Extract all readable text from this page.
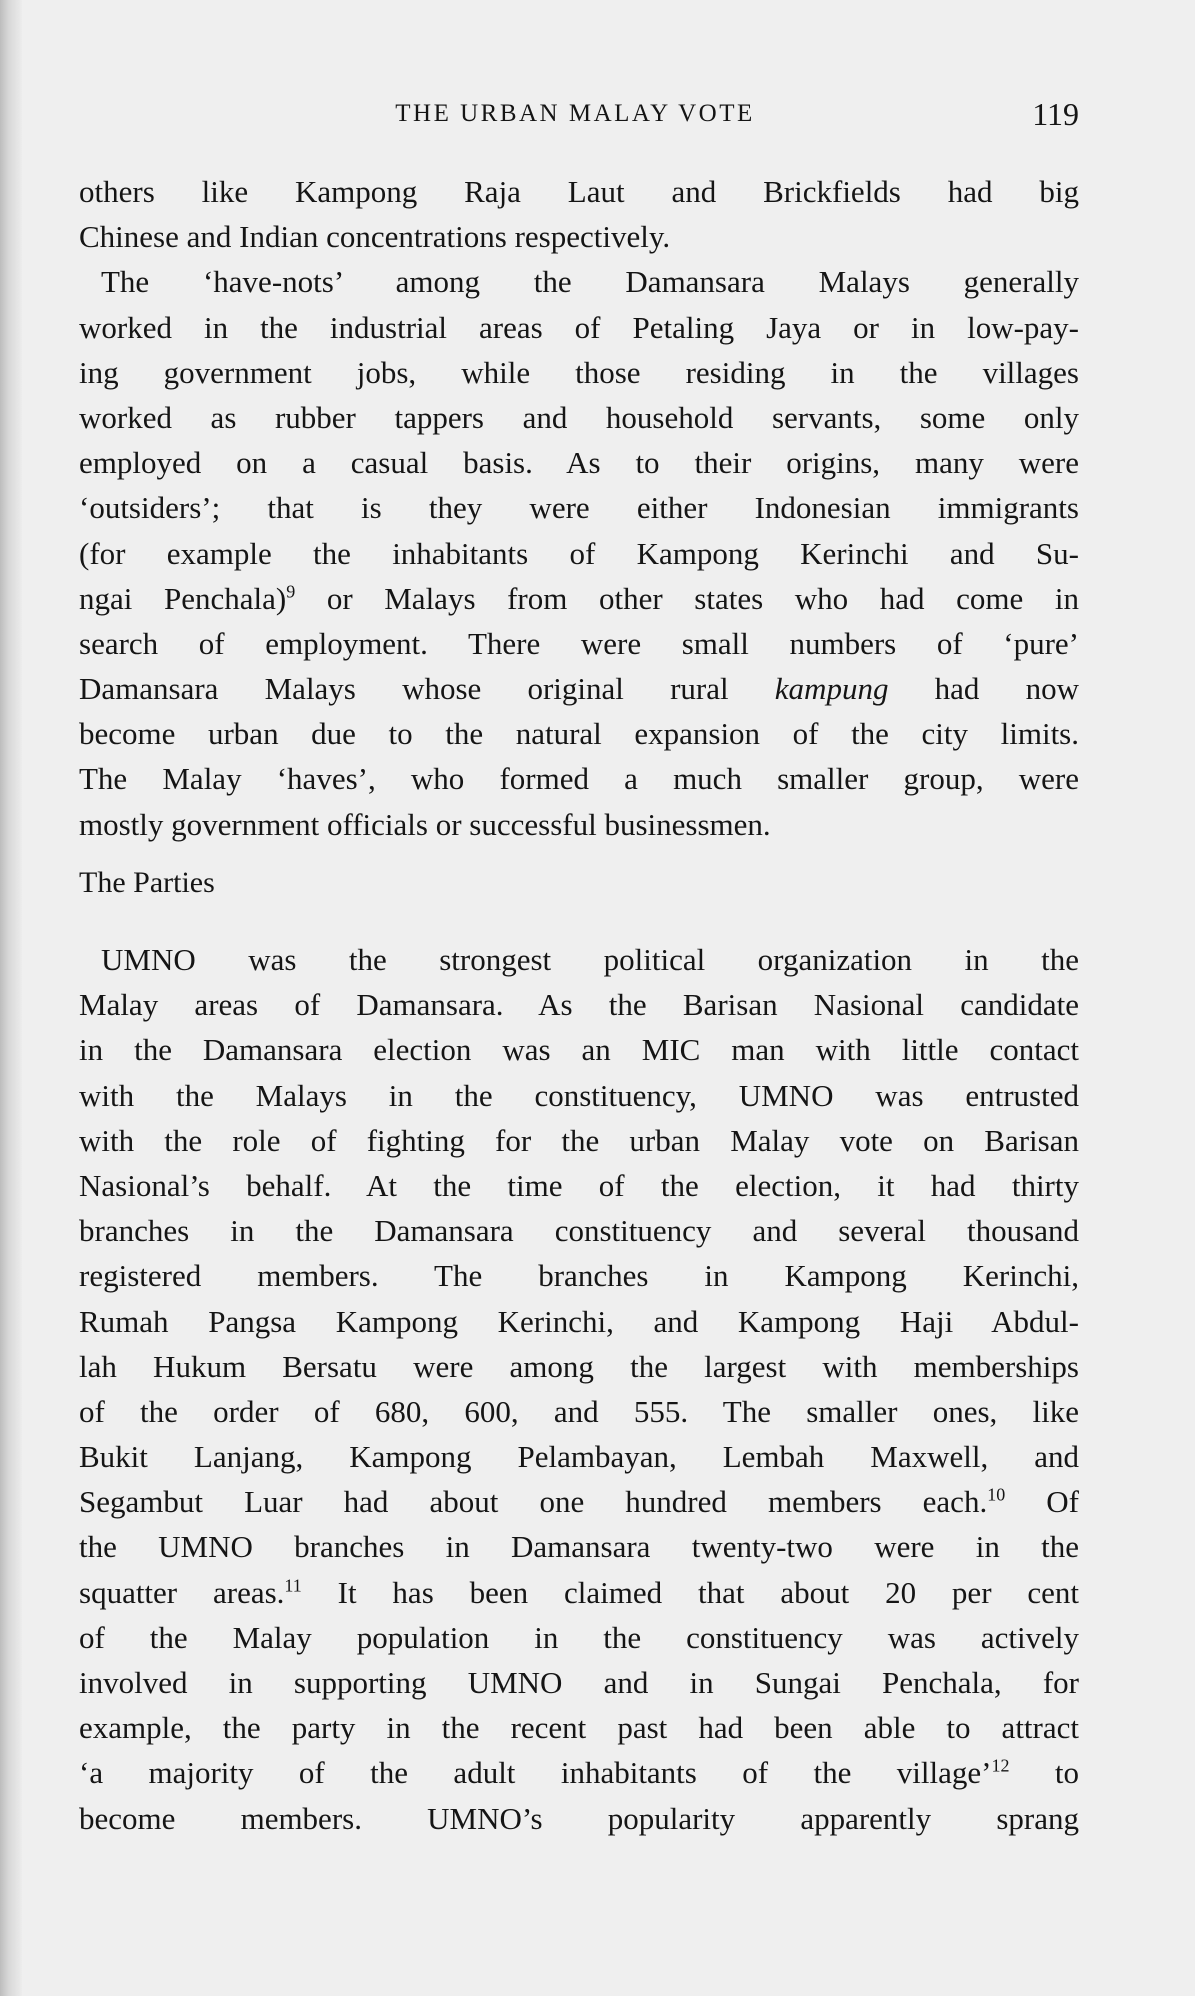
THE URBAN MALAY VOTE	119
others like Kampong Raja Laut and Brickfields had big
Chinese and Indian concentrations respectively.
The ‘have-nots’ among the Damansara Malays generally
worked in the industrial areas of Petaling Jaya or in low-pay-
ing government jobs, while those residing in the villages
worked as rubber tappers and household servants, some only
employed on a casual basis. As to their origins, many were
‘outsiders’; that is they were either Indonesian immigrants
(for example the inhabitants of Kampong Kerinchi and Su-
ngai Penchala)$^9$ or Malays from other states who had come in
search of employment. There were small numbers of ‘pure’
Damansara Malays whose original rural kampung had now
become urban due to the natural expansion of the city limits.
The Malay ‘haves’, who formed a much smaller group, were
mostly government officials or successful businessmen.
The Parties
UMNO was the strongest political organization in the
Malay areas of Damansara. As the Barisan Nasional candidate
in the Damansara election was an MIC man with little contact
with the Malays in the constituency, UMNO was entrusted
with the role of fighting for the urban Malay vote on Barisan
Nasional’s behalf. At the time of the election, it had thirty
branches in the Damansara constituency and several thousand
registered members. The branches in Kampong Kerinchi,
Rumah Pangsa Kampong Kerinchi, and Kampong Haji Abdul-
lah Hukum Bersatu were among the largest with memberships
of the order of 680, 600, and 555. The smaller ones, like
Bukit Lanjang, Kampong Pelambayan, Lembah Maxwell, and
Segambut Luar had about one hundred members each.$^{10}$ Of
the UMNO branches in Damansara twenty-two were in the
squatter areas.$^{11}$ It has been claimed that about 20 per cent
of the Malay population in the constituency was actively
involved in supporting UMNO and in Sungai Penchala, for
example, the party in the recent past had been able to attract
‘a majority of the adult inhabitants of the village’$^{12}$ to
become members. UMNO’s popularity apparently sprang
